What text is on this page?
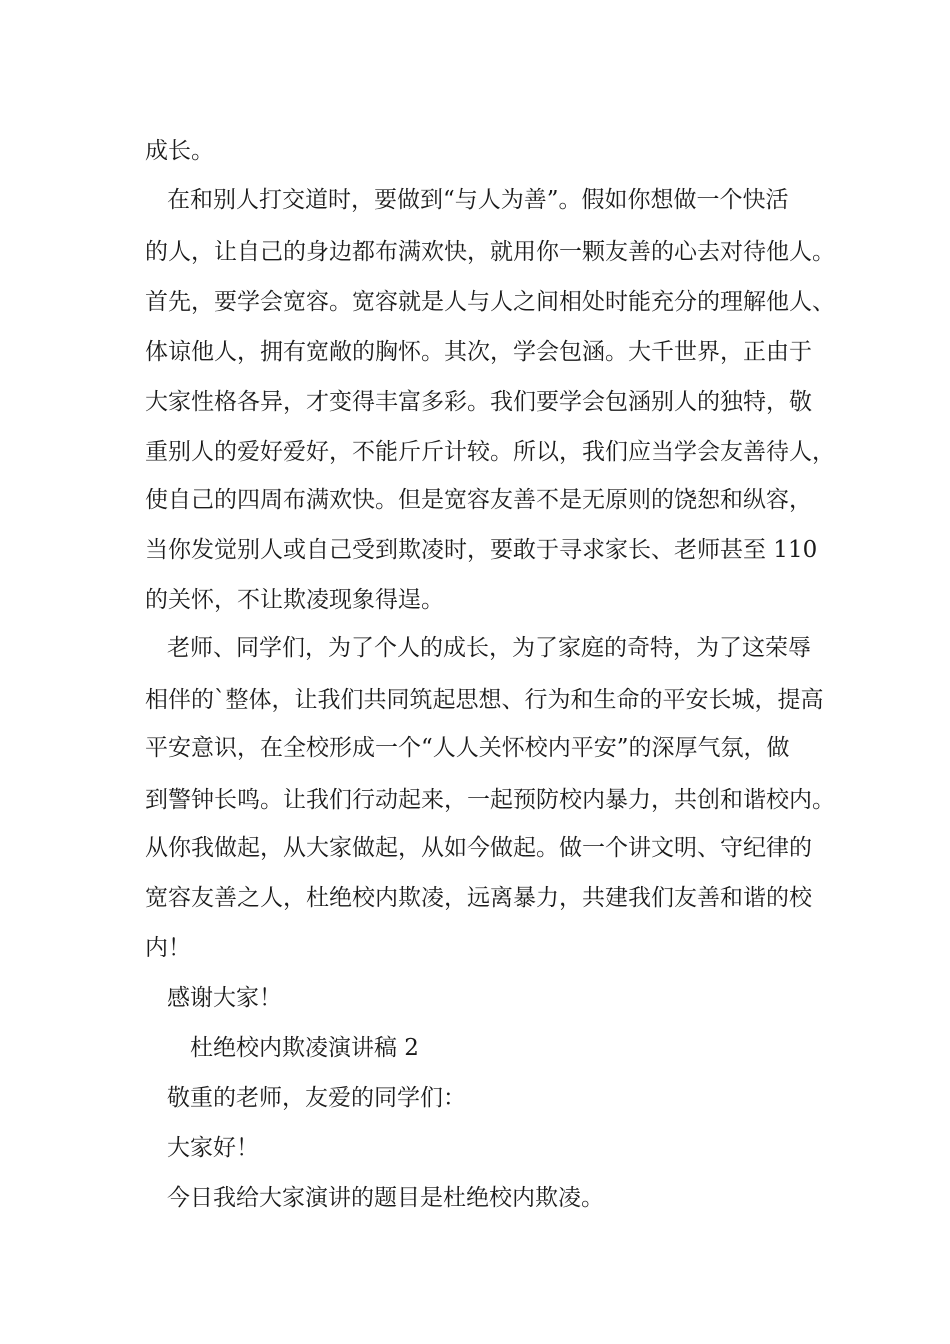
成长。
在和别人打交道时，要做到“与人为善”。假如你想做一个快活
的人，让自己的身边都布满欢快，就用你一颗友善的心去对待他人。
首先，要学会宽容。宽容就是人与人之间相处时能充分的理解他人、
体谅他人，拥有宽敞的胸怀。其次，学会包涵。大千世界，正由于
大家性格各异，才变得丰富多彩。我们要学会包涵别人的独特，敬
重别人的爱好爱好，不能斤斤计较。所以，我们应当学会友善待人，
使自己的四周布满欢快。但是宽容友善不是无原则的饶恕和纵容，
当你发觉别人或自己受到欺凌时，要敢于寻求家长、老师甚至 110
的关怀，不让欺凌现象得逞。
老师、同学们，为了个人的成长，为了家庭的奇特，为了这荣辱
相伴的`整体，让我们共同筑起思想、行为和生命的平安长城，提高
平安意识，在全校形成一个“人人关怀校内平安”的深厚气氛，做
到警钟长鸣。让我们行动起来，一起预防校内暴力，共创和谐校内。
从你我做起，从大家做起，从如今做起。做一个讲文明、守纪律的
宽容友善之人，杜绝校内欺凌，远离暴力，共建我们友善和谐的校
内！
感谢大家！
杜绝校内欺凌演讲稿 2
敬重的老师，友爱的同学们：
大家好！
今日我给大家演讲的题目是杜绝校内欺凌。
